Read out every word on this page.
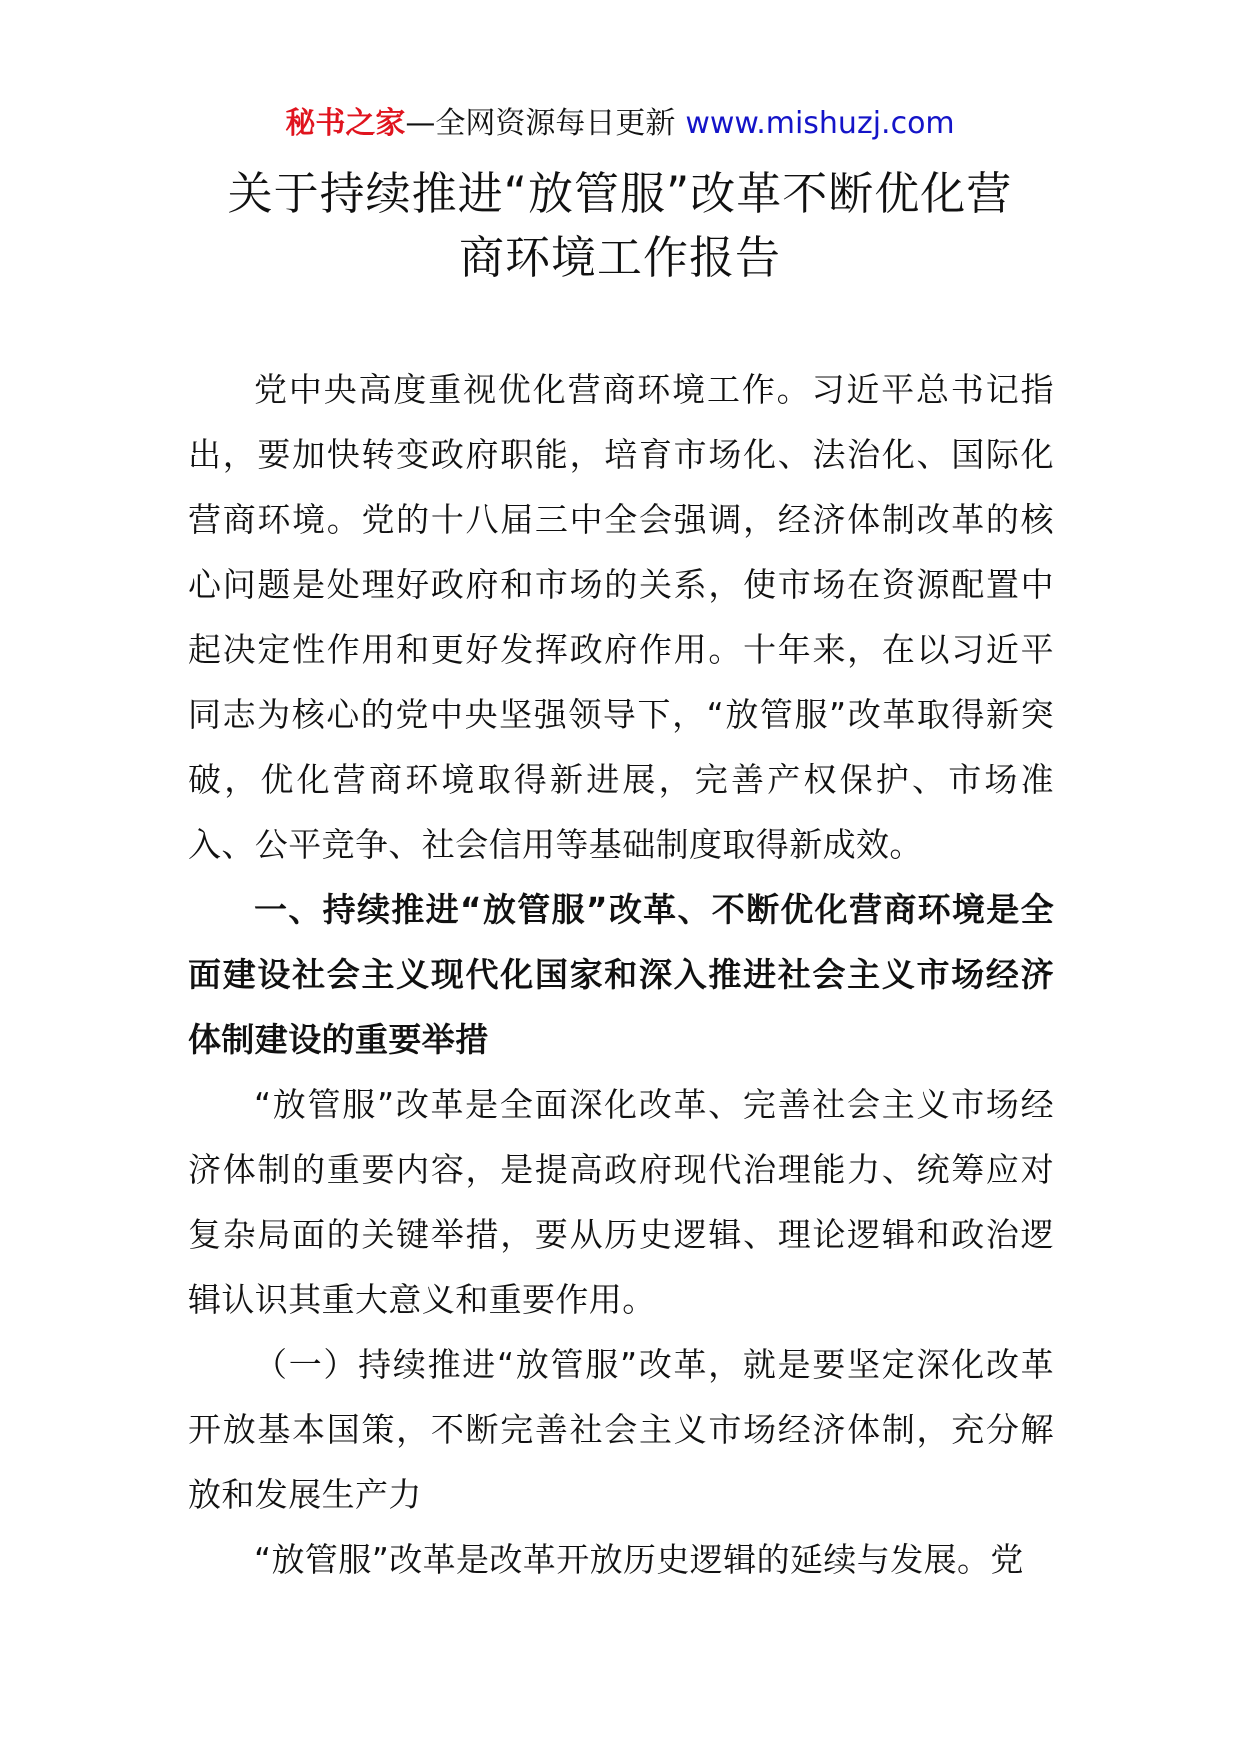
秘书之家—全网资源每日更新 www.mishuzj.com
关于持续推进“放管服”改革不断优化营
商环境工作报告

党中央高度重视优化营商环境工作。习近平总书记指出，要加快转变政府职能，培育市场化、法治化、国际化营商环境。党的十八届三中全会强调，经济体制改革的核心问题是处理好政府和市场的关系，使市场在资源配置中起决定性作用和更好发挥政府作用。十年来，在以习近平同志为核心的党中央坚强领导下，“放管服”改革取得新突破，优化营商环境取得新进展，完善产权保护、市场准入、公平竞争、社会信用等基础制度取得新成效。

一、持续推进“放管服”改革、不断优化营商环境是全面建设社会主义现代化国家和深入推进社会主义市场经济体制建设的重要举措

“放管服”改革是全面深化改革、完善社会主义市场经济体制的重要内容，是提高政府现代治理能力、统筹应对复杂局面的关键举措，要从历史逻辑、理论逻辑和政治逻辑认识其重大意义和重要作用。

（一）持续推进“放管服”改革，就是要坚定深化改革开放基本国策，不断完善社会主义市场经济体制，充分解放和发展生产力

“放管服”改革是改革开放历史逻辑的延续与发展。党
